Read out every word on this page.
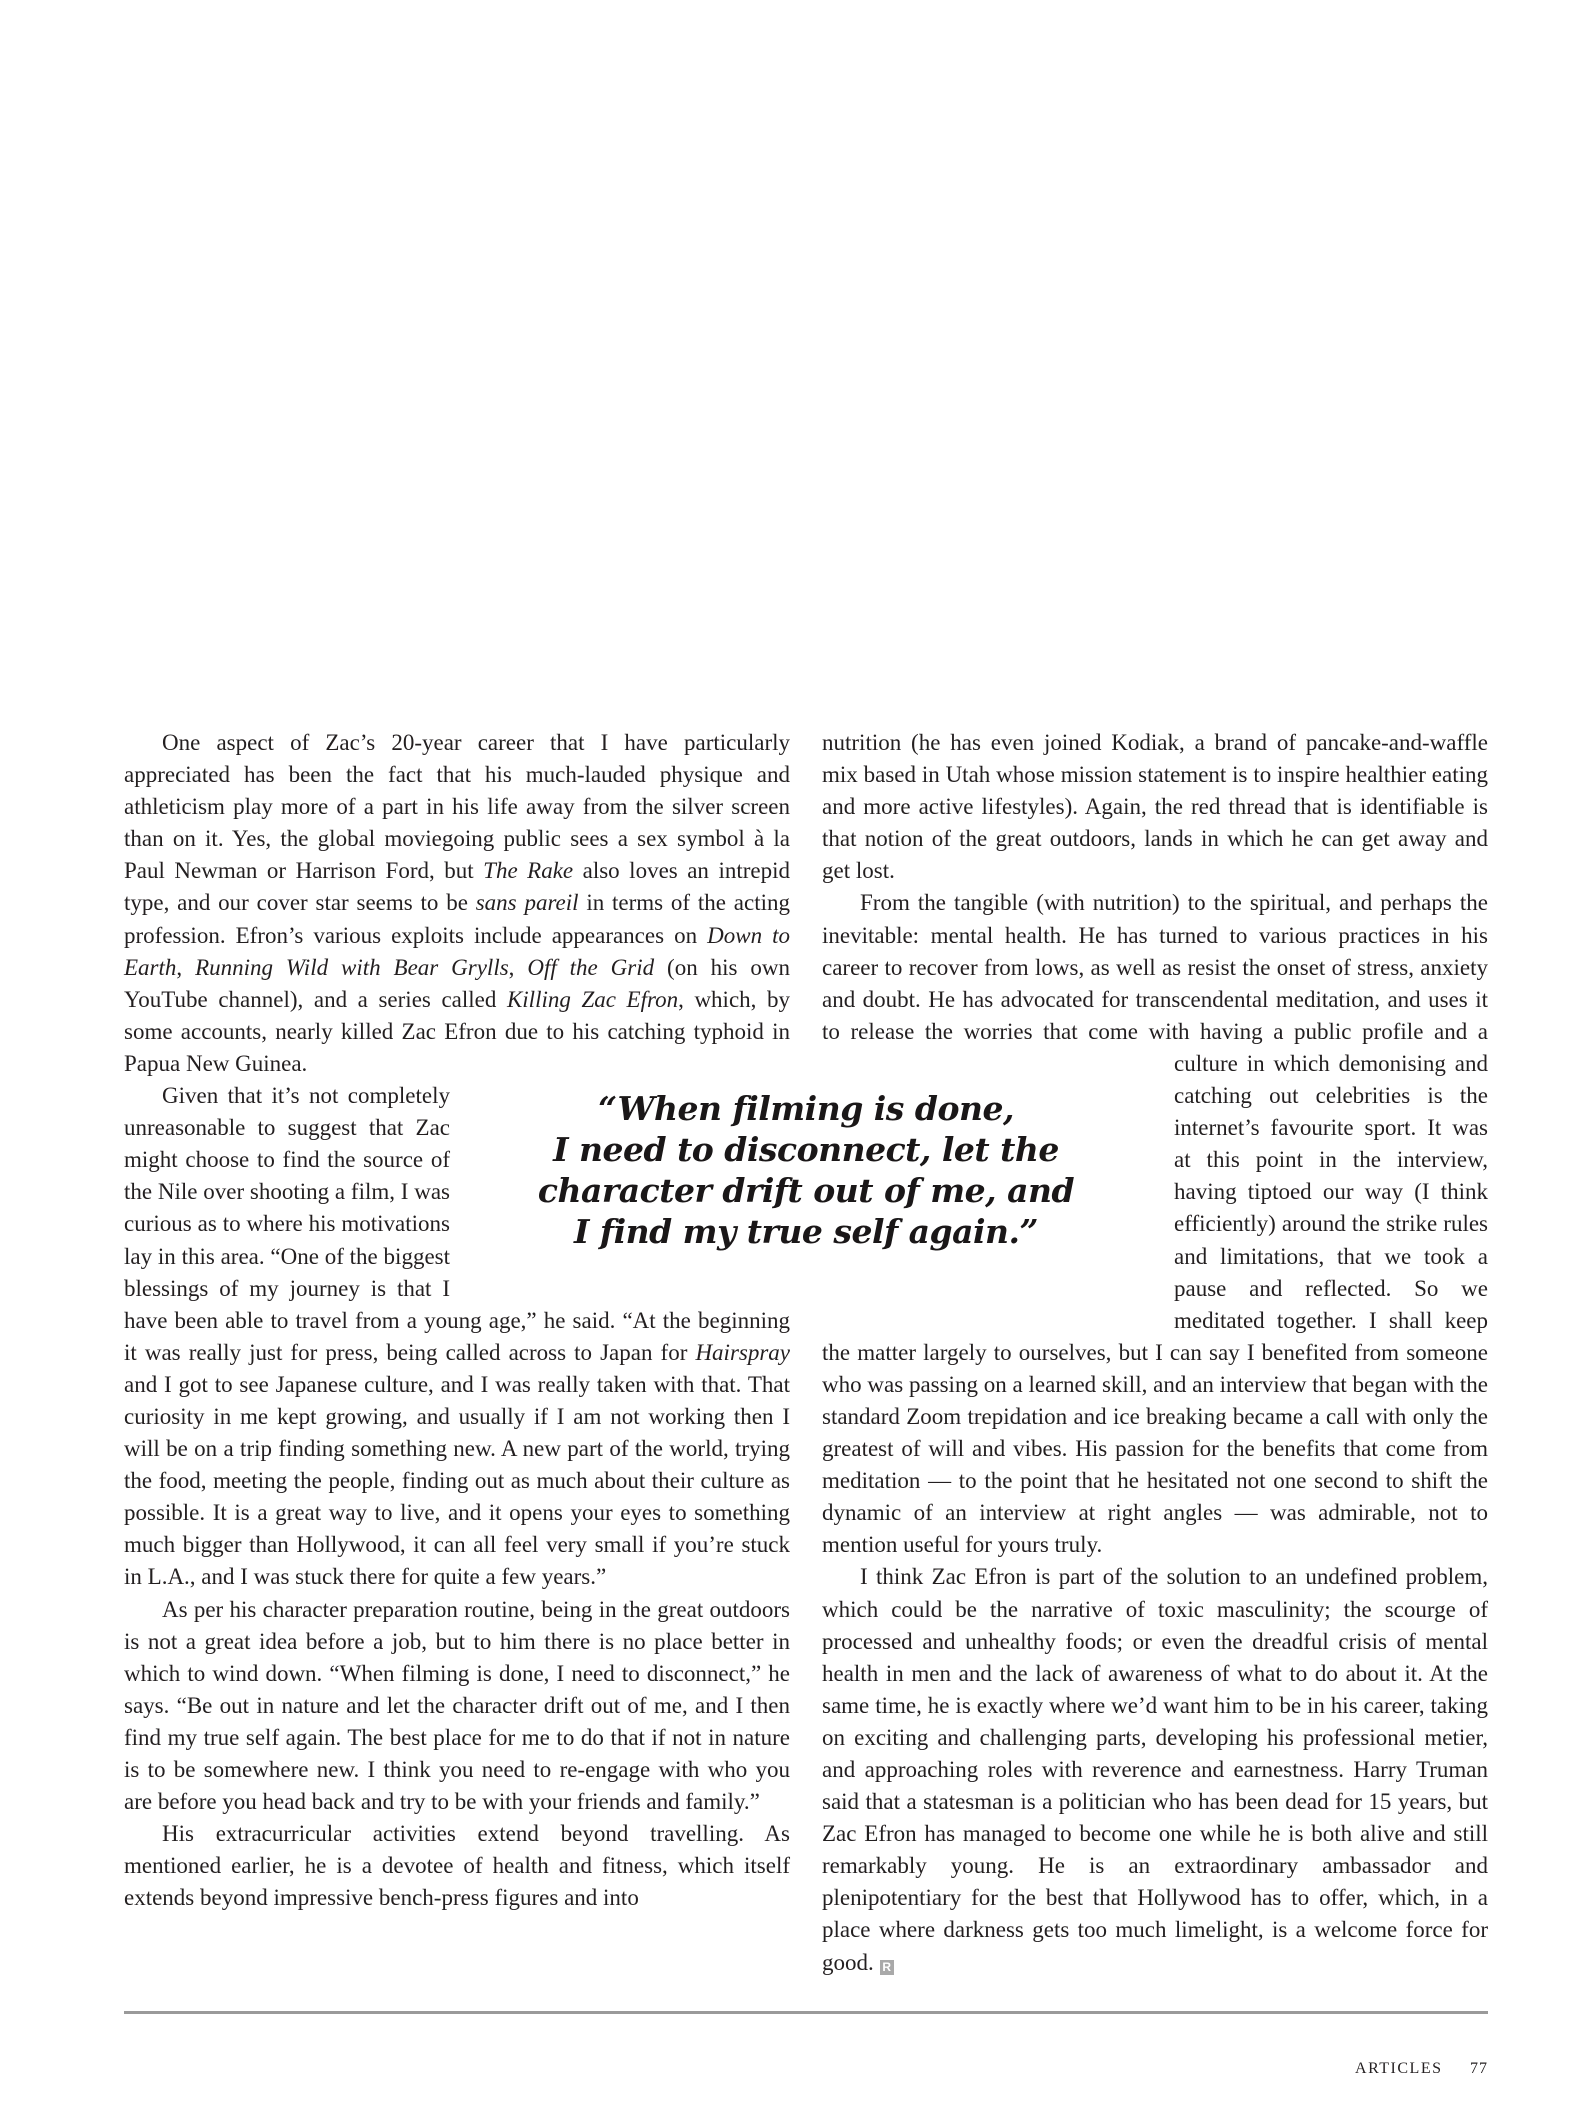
One aspect of Zac’s 20-year career that I have particularly appreciated has been the fact that his much-lauded physique and athleticism play more of a part in his life away from the silver screen than on it. Yes, the global moviegoing public sees a sex symbol à la Paul Newman or Harrison Ford, but The Rake also loves an intrepid type, and our cover star seems to be sans pareil in terms of the acting profession. Efron’s various exploits include appearances on Down to Earth, Running Wild with Bear Grylls, Off the Grid (on his own YouTube channel), and a series called Killing Zac Efron, which, by some accounts, nearly killed Zac Efron due to his catching typhoid in Papua New Guinea.

Given that it’s not completely unreasonable to suggest that Zac might choose to find the source of the Nile over shooting a film, I was curious as to where his motivations lay in this area. “One of the biggest blessings of my journey is that I have been able to travel from a young age,” he said. “At the beginning it was really just for press, being called across to Japan for Hairspray and I got to see Japanese culture, and I was really taken with that. That curiosity in me kept growing, and usually if I am not working then I will be on a trip finding something new. A new part of the world, trying the food, meeting the people, finding out as much about their culture as possible. It is a great way to live, and it opens your eyes to something much bigger than Hollywood, it can all feel very small if you’re stuck in L.A., and I was stuck there for quite a few years.”

As per his character preparation routine, being in the great outdoors is not a great idea before a job, but to him there is no place better in which to wind down. “When filming is done, I need to disconnect,” he says. “Be out in nature and let the character drift out of me, and I then find my true self again. The best place for me to do that if not in nature is to be somewhere new. I think you need to re-engage with who you are before you head back and try to be with your friends and family.”

His extracurricular activities extend beyond travelling. As mentioned earlier, he is a devotee of health and fitness, which itself extends beyond impressive bench-press figures and into

nutrition (he has even joined Kodiak, a brand of pancake-and-waffle mix based in Utah whose mission statement is to inspire healthier eating and more active lifestyles). Again, the red thread that is identifiable is that notion of the great outdoors, lands in which he can get away and get lost.

From the tangible (with nutrition) to the spiritual, and perhaps the inevitable: mental health. He has turned to various practices in his career to recover from lows, as well as resist the onset of stress, anxiety and doubt. He has advocated for transcendental meditation, and uses it to release the worries that come with having a public profile and a culture in which demonising and catching out celebrities is the internet’s favourite sport. It was at this point in the interview, having tiptoed our way (I think efficiently) around the strike rules and limitations, that we took a pause and reflected. So we meditated together. I shall keep the matter largely to ourselves, but I can say I benefited from someone who was passing on a learned skill, and an interview that began with the standard Zoom trepidation and ice breaking became a call with only the greatest of will and vibes. His passion for the benefits that come from meditation — to the point that he hesitated not one second to shift the dynamic of an interview at right angles — was admirable, not to mention useful for yours truly.

I think Zac Efron is part of the solution to an undefined problem, which could be the narrative of toxic masculinity; the scourge of processed and unhealthy foods; or even the dreadful crisis of mental health in men and the lack of awareness of what to do about it. At the same time, he is exactly where we’d want him to be in his career, taking on exciting and challenging parts, developing his professional metier, and approaching roles with reverence and earnestness. Harry Truman said that a statesman is a politician who has been dead for 15 years, but Zac Efron has managed to become one while he is both alive and still remarkably young. He is an extraordinary ambassador and plenipotentiary for the best that Hollywood has to offer, which, in a place where darkness gets too much limelight, is a welcome force for good. R

“When filming is done,
I need to disconnect, let the
character drift out of me, and
I find my true self again.”
ARTICLES 77
